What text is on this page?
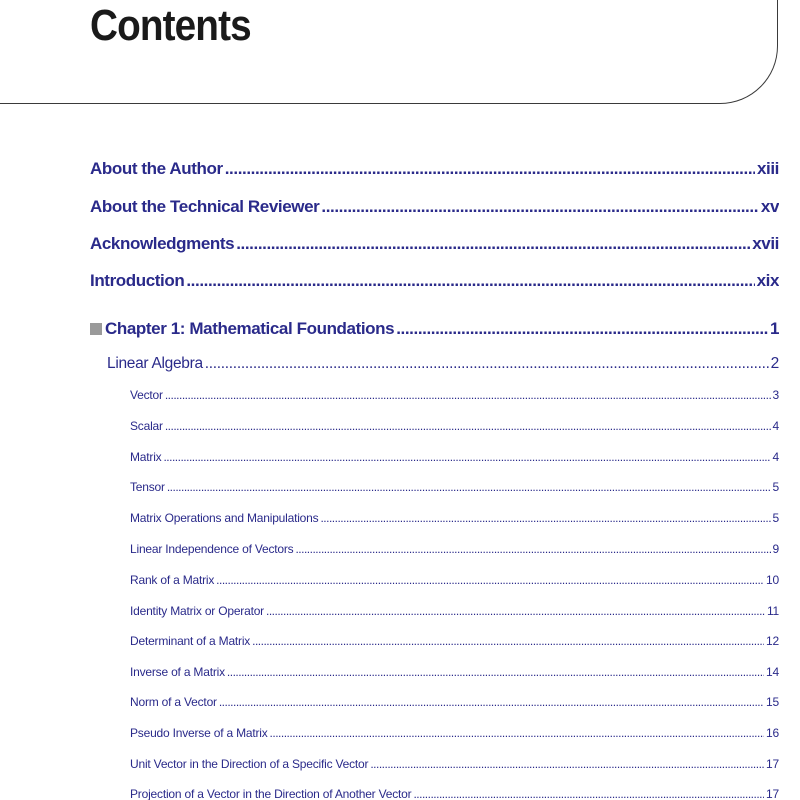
Contents
About the Author .....	xiii
About the Technical Reviewer .....	xv
Acknowledgments .....	xvii
Introduction .....	xix
Chapter 1: Mathematical Foundations .....	1
Linear Algebra .....	2
Vector .....	3
Scalar .....	4
Matrix .....	4
Tensor .....	5
Matrix Operations and Manipulations .....	5
Linear Independence of Vectors .....	9
Rank of a Matrix .....	10
Identity Matrix or Operator .....	11
Determinant of a Matrix .....	12
Inverse of a Matrix .....	14
Norm of a Vector .....	15
Pseudo Inverse of a Matrix .....	16
Unit Vector in the Direction of a Specific Vector .....	17
Projection of a Vector in the Direction of Another Vector .....	17
